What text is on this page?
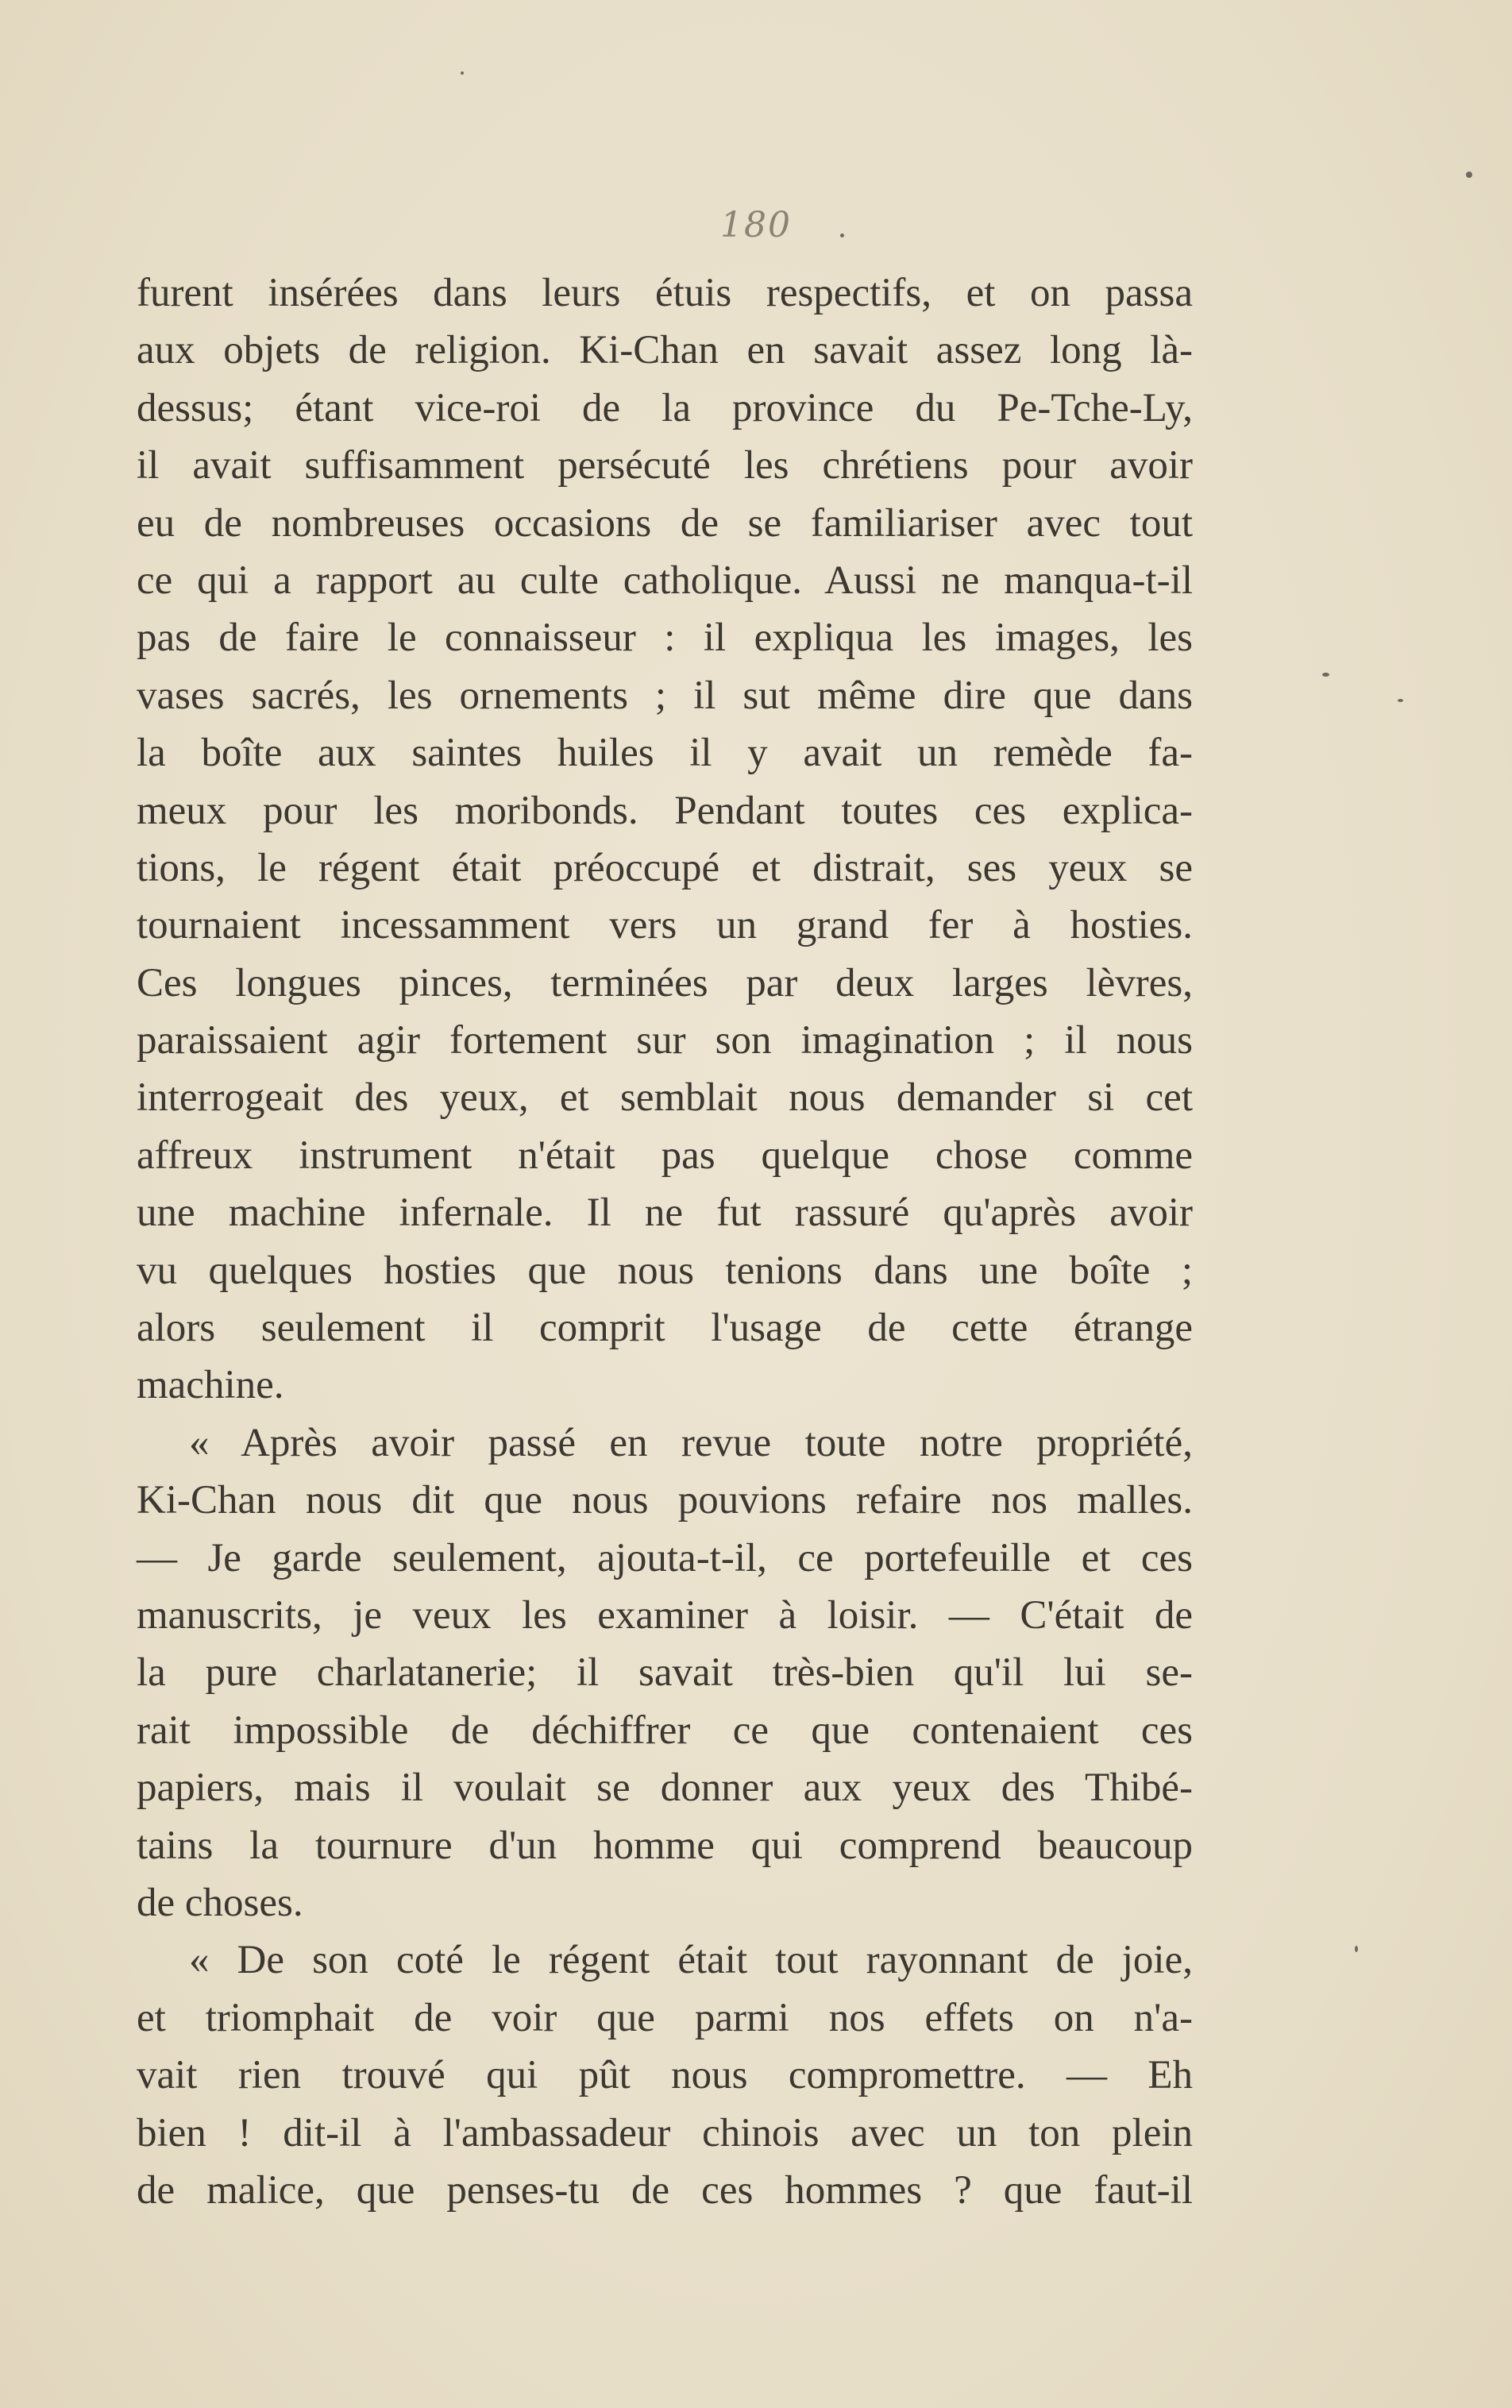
180
furent insérées dans leurs étuis respectifs, et on passa
aux objets de religion. Ki-Chan en savait assez long là-
dessus; étant vice-roi de la province du Pe-Tche-Ly,
il avait suffisamment persécuté les chrétiens pour avoir
eu de nombreuses occasions de se familiariser avec tout
ce qui a rapport au culte catholique. Aussi ne manqua-t-il
pas de faire le connaisseur : il expliqua les images, les
vases sacrés, les ornements ; il sut même dire que dans
la boîte aux saintes huiles il y avait un remède fa-
meux pour les moribonds. Pendant toutes ces explica-
tions, le régent était préoccupé et distrait, ses yeux se
tournaient incessamment vers un grand fer à hosties.
Ces longues pinces, terminées par deux larges lèvres,
paraissaient agir fortement sur son imagination ; il nous
interrogeait des yeux, et semblait nous demander si cet
affreux instrument n'était pas quelque chose comme
une machine infernale. Il ne fut rassuré qu'après avoir
vu quelques hosties que nous tenions dans une boîte ;
alors seulement il comprit l'usage de cette étrange
machine.
« Après avoir passé en revue toute notre propriété,
Ki-Chan nous dit que nous pouvions refaire nos malles.
— Je garde seulement, ajouta-t-il, ce portefeuille et ces
manuscrits, je veux les examiner à loisir. — C'était de
la pure charlatanerie; il savait très-bien qu'il lui se-
rait impossible de déchiffrer ce que contenaient ces
papiers, mais il voulait se donner aux yeux des Thibé-
tains la tournure d'un homme qui comprend beaucoup
de choses.
« De son coté le régent était tout rayonnant de joie,
et triomphait de voir que parmi nos effets on n'a-
vait rien trouvé qui pût nous compromettre. — Eh
bien ! dit-il à l'ambassadeur chinois avec un ton plein
de malice, que penses-tu de ces hommes ? que faut-il
